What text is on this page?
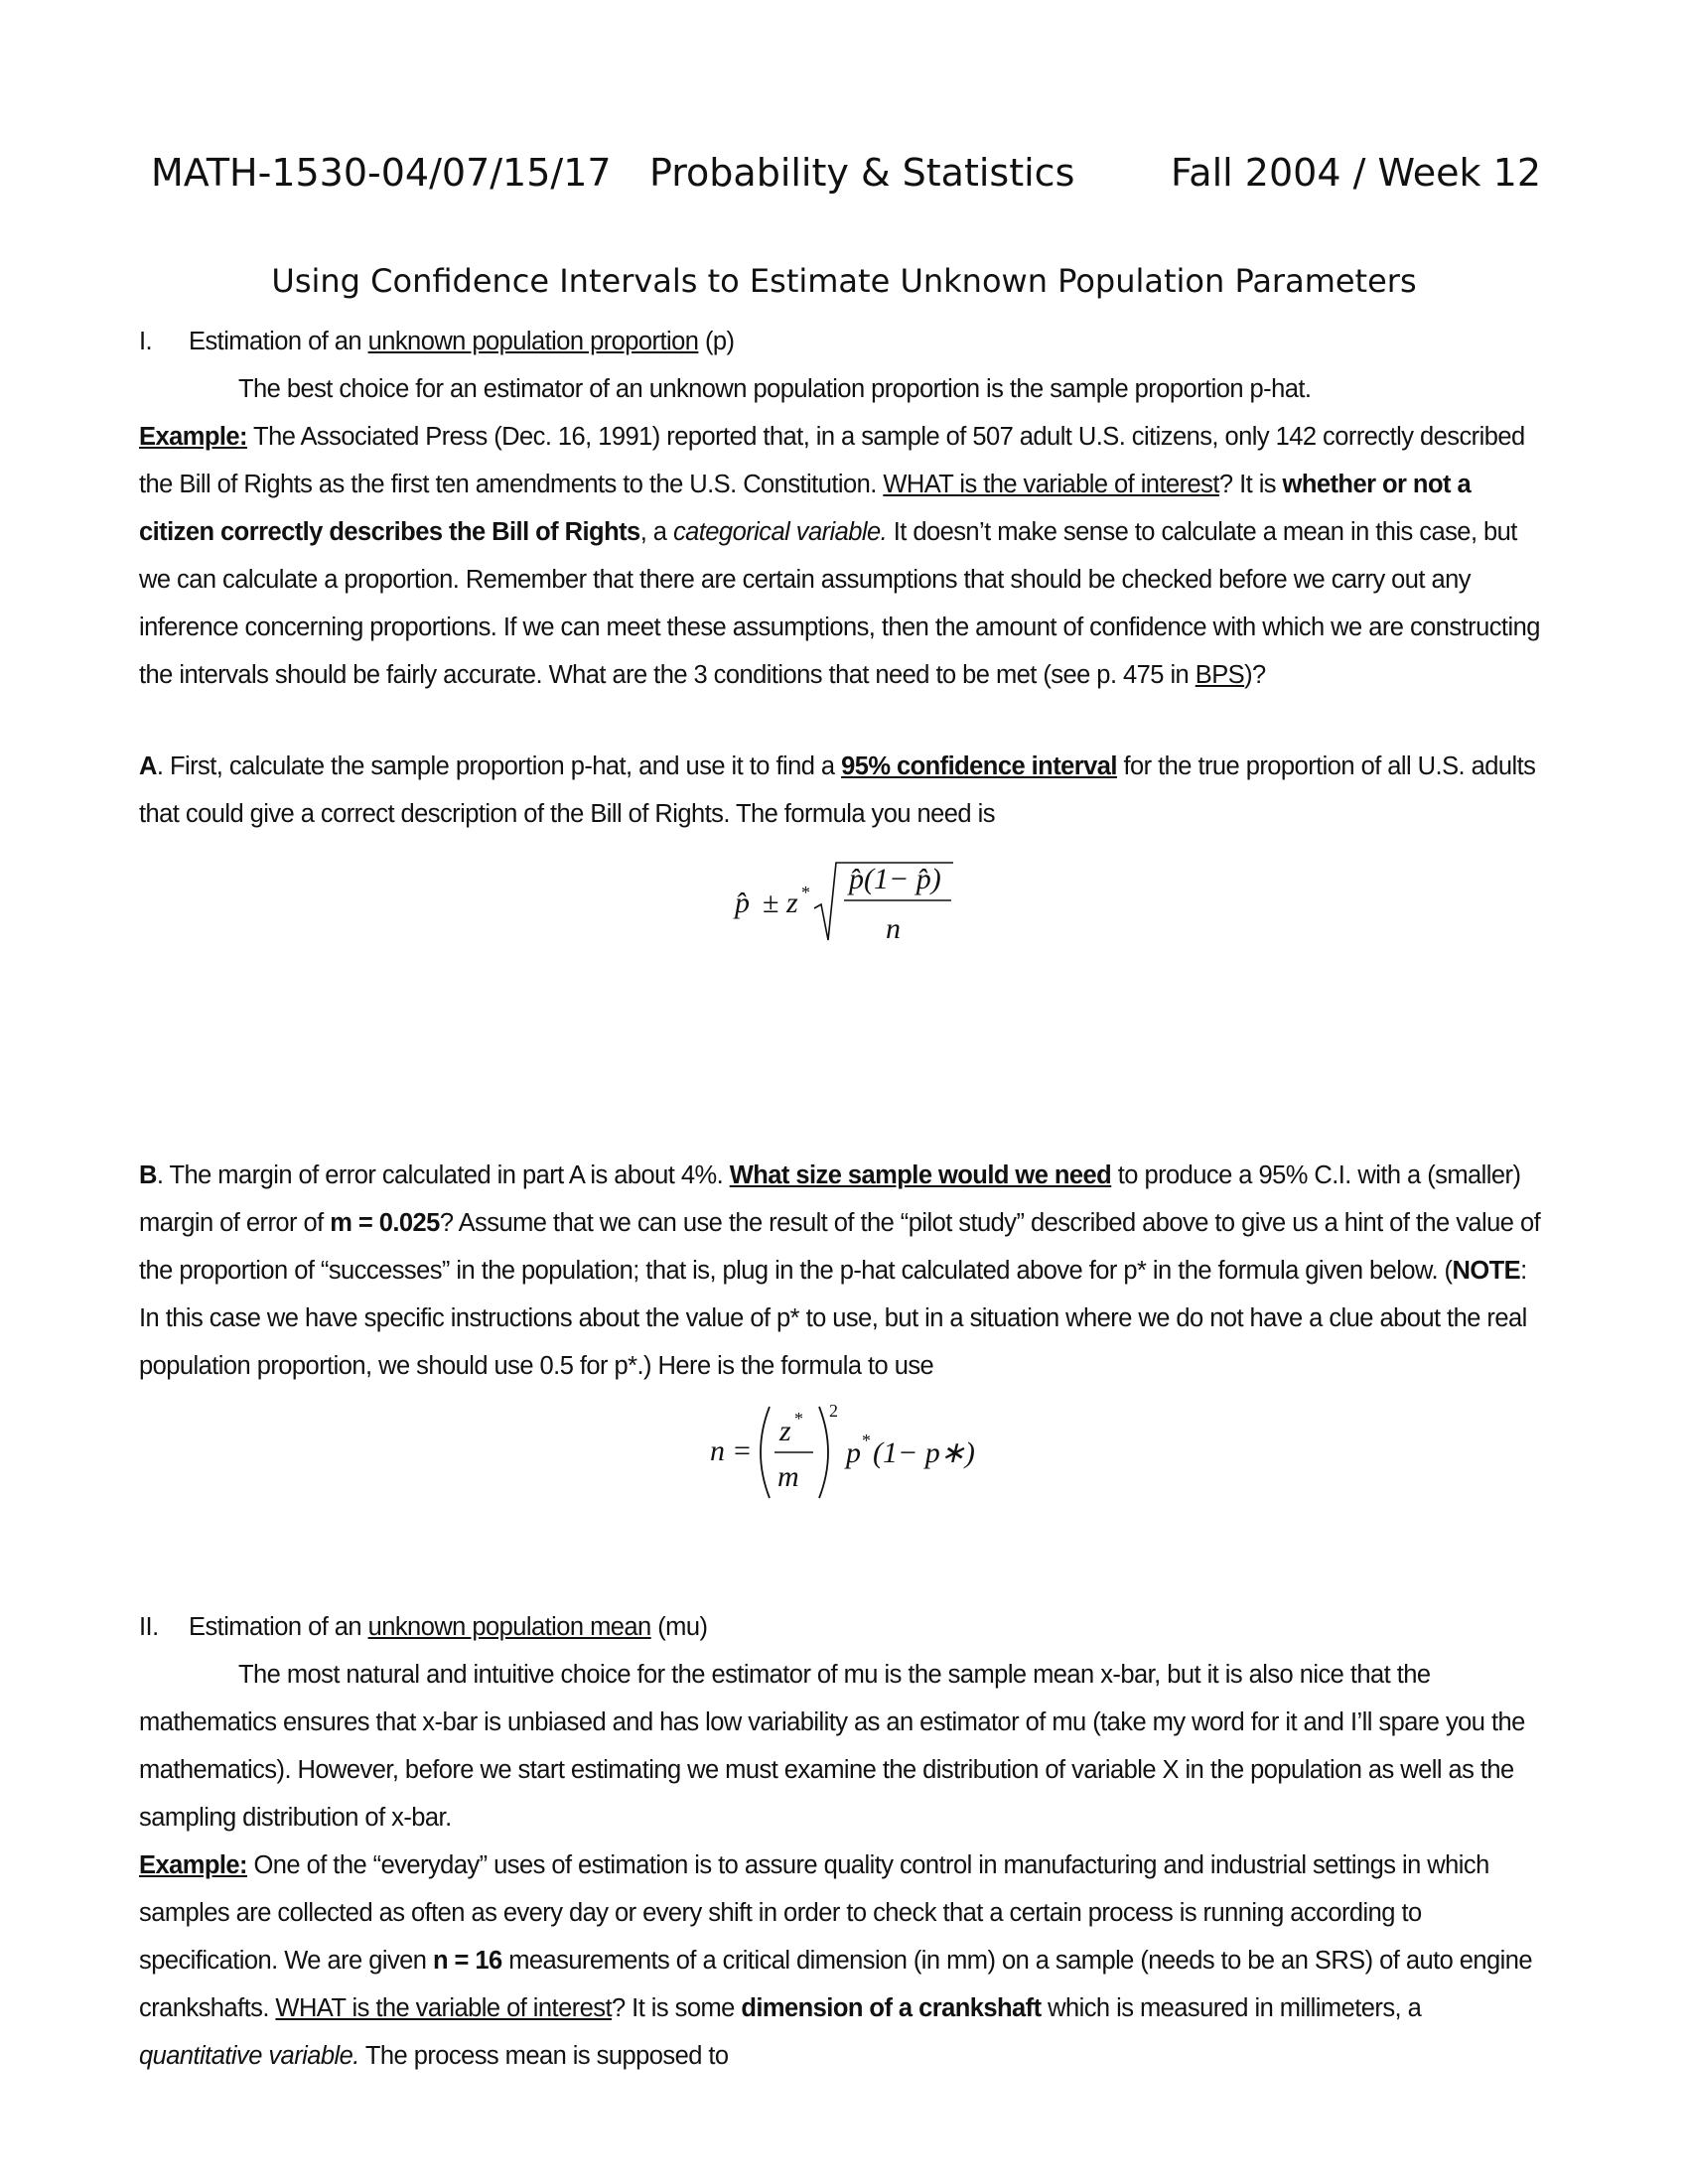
MATH-1530-04/07/15/17 Probability & Statistics	Fall 2004 / Week 12
Using Confidence Intervals to Estimate Unknown Population Parameters

I. Estimation of an unknown population proportion (p)

The best choice for an estimator of an unknown population proportion is the sample proportion p-hat.

Example: The Associated Press (Dec. 16, 1991) reported that, in a sample of 507 adult U.S. citizens, only 142 correctly described the Bill of Rights as the first ten amendments to the U.S. Constitution. WHAT is the variable of interest? It is whether or not a citizen correctly describes the Bill of Rights, a categorical variable. It doesn’t make sense to calculate a mean in this case, but we can calculate a proportion. Remember that there are certain assumptions that should be checked before we carry out any inference concerning proportions. If we can meet these assumptions, then the amount of confidence with which we are constructing the intervals should be fairly accurate. What are the 3 conditions that need to be met (see p. 475 in BPS)?

A. First, calculate the sample proportion p-hat, and use it to find a 95% confidence interval for the true proportion of all U.S. adults that could give a correct description of the Bill of Rights. The formula you need is

p̂ ± z * p̂(1− p̂)
n

B. The margin of error calculated in part A is about 4%. What size sample would we need to produce a 95% C.I. with a (smaller) margin of error of m = 0.025? Assume that we can use the result of the “pilot study” described above to give us a hint of the value of the proportion of “successes” in the population; that is, plug in the p-hat calculated above for p* in the formula given below. (NOTE: In this case we have specific instructions about the value of p* to use, but in a situation where we do not have a clue about the real population proportion, we should use 0.5 for p*.) Here is the formula to use

n =
z *
m
2
p * (1− p∗)

II. Estimation of an unknown population mean (mu)

The most natural and intuitive choice for the estimator of mu is the sample mean x-bar, but it is also nice that the mathematics ensures that x-bar is unbiased and has low variability as an estimator of mu (take my word for it and I’ll spare you the mathematics). However, before we start estimating we must examine the distribution of variable X in the population as well as the sampling distribution of x-bar.

Example: One of the “everyday” uses of estimation is to assure quality control in manufacturing and industrial settings in which samples are collected as often as every day or every shift in order to check that a certain process is running according to specification. We are given n = 16 measurements of a critical dimension (in mm) on a sample (needs to be an SRS) of auto engine crankshafts. WHAT is the variable of interest? It is some dimension of a crankshaft which is measured in millimeters, a quantitative variable. The process mean is supposed to
